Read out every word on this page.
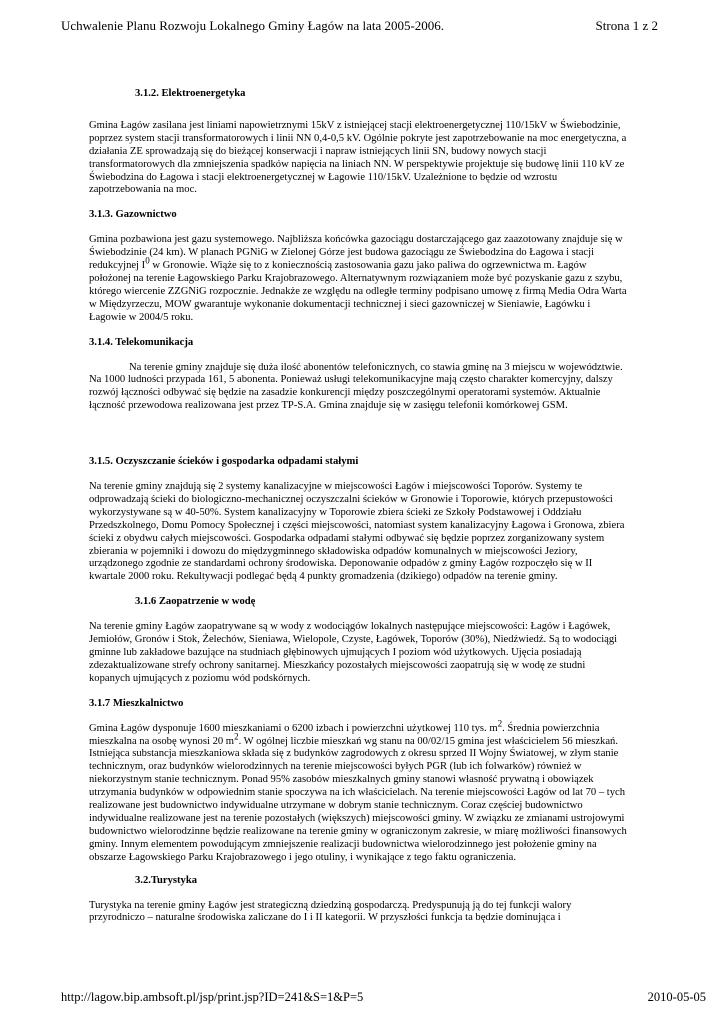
Uchwalenie Planu Rozwoju Lokalnego Gminy Łagów na lata 2005-2006.	Strona 1 z 2
3.1.2. Elektroenergetyka

Gmina Łagów zasilana jest liniami napowietrznymi 15kV z istniejącej stacji elektroenergetycznej 110/15kV w Świebodzinie, poprzez system stacji transformatorowych i linii NN 0,4-0,5 kV. Ogólnie pokryte jest zapotrzebowanie na moc energetyczna, a działania ZE sprowadzają się do bieżącej konserwacji i napraw istniejących linii SN, budowy nowych stacji transformatorowych dla zmniejszenia spadków napięcia na liniach NN. W perspektywie projektuje się budowę linii 110 kV ze Świebodzina do Łagowa i stacji elektroenergetycznej w Łagowie 110/15kV. Uzależnione to będzie od wzrostu zapotrzebowania na moc.

3.1.3. Gazownictwo

Gmina pozbawiona jest gazu systemowego. Najbliższa końcówka gazociągu dostarczającego gaz zaazotowany znajduje się w Świebodzinie (24 km). W planach PGNiG w Zielonej Górze jest budowa gazociągu ze Świebodzina do Łagowa i stacji redukcyjnej $I^0$ w Gronowie. Wiąże się to z koniecznością zastosowania gazu jako paliwa do ogrzewnictwa m. Łagów położonej na terenie Łagowskiego Parku Krajobrazowego. Alternatywnym rozwiązaniem może być pozyskanie gazu z szybu, którego wiercenie ZZGNiG rozpocznie. Jednakże ze względu na odległe terminy podpisano umowę z firmą Media Odra Warta w Międzyrzeczu, MOW gwarantuje wykonanie dokumentacji technicznej i sieci gazowniczej w Sieniawie, Łagówku i Łagowie w 2004/5 roku.

3.1.4. Telekomunikacja

Na terenie gminy znajduje się duża ilość abonentów telefonicznych, co stawia gminę na 3 miejscu w województwie. Na 1000 ludności przypada 161, 5 abonenta. Ponieważ usługi telekomunikacyjne mają często charakter komercyjny, dalszy rozwój łączności odbywać się będzie na zasadzie konkurencji między poszczególnymi operatorami systemów. Aktualnie łączność przewodowa realizowana jest przez TP-S.A. Gmina znajduje się w zasięgu telefonii komórkowej GSM.

3.1.5. Oczyszczanie ścieków i gospodarka odpadami stałymi

Na terenie gminy znajdują się 2 systemy kanalizacyjne w miejscowości Łagów i miejscowości Toporów. Systemy te odprowadzają ścieki do biologiczno-mechanicznej oczyszczalni ścieków w Gronowie i Toporowie, których przepustowości wykorzystywane są w 40-50%. System kanalizacyjny w Toporowie zbiera ścieki ze Szkoły Podstawowej i Oddziału Przedszkolnego, Domu Pomocy Społecznej i części miejscowości, natomiast system kanalizacyjny Łagowa i Gronowa, zbiera ścieki z obydwu całych miejscowości. Gospodarka odpadami stałymi odbywać się będzie poprzez zorganizowany system zbierania w pojemniki i dowozu do międzygminnego składowiska odpadów komunalnych w miejscowości Jeziory, urządzonego zgodnie ze standardami ochrony środowiska. Deponowanie odpadów z gminy Łagów rozpoczęło się w II kwartale 2000 roku. Rekultywacji podlegać będą 4 punkty gromadzenia (dzikiego) odpadów na terenie gminy.

3.1.6 Zaopatrzenie w wodę

Na terenie gminy Łagów zaopatrywane są w wody z wodociągów lokalnych następujące miejscowości: Łagów i Łagówek, Jemiołów, Gronów i Stok, Żelechów, Sieniawa, Wielopole, Czyste, Łagówek, Toporów (30%), Niedźwiedź. Są to wodociągi gminne lub zakładowe bazujące na studniach głębinowych ujmujących I poziom wód użytkowych. Ujęcia posiadają zdezaktualizowane strefy ochrony sanitarnej. Mieszkańcy pozostałych miejscowości zaopatrują się w wodę ze studni kopanych ujmujących z poziomu wód podskórnych.

3.1.7 Mieszkalnictwo

Gmina Łagów dysponuje 1600 mieszkaniami o 6200 izbach i powierzchni użytkowej 110 tys. $m^2$. Średnia powierzchnia mieszkalna na osobę wynosi 20 $m^2$. W ogólnej liczbie mieszkań wg stanu na 00/02/15 gmina jest właścicielem 56 mieszkań. Istniejąca substancja mieszkaniowa składa się z budynków zagrodowych z okresu sprzed II Wojny Światowej, w złym stanie technicznym, oraz budynków wielorodzinnych na terenie miejscowości byłych PGR (lub ich folwarków) również w niekorzystnym stanie technicznym. Ponad 95% zasobów mieszkalnych gminy stanowi własność prywatną i obowiązek utrzymania budynków w odpowiednim stanie spoczywa na ich właścicielach. Na terenie miejscowości Łagów od lat 70 – tych realizowane jest budownictwo indywidualne utrzymane w dobrym stanie technicznym. Coraz częściej budownictwo indywidualne realizowane jest na terenie pozostałych (większych) miejscowości gminy. W związku ze zmianami ustrojowymi budownictwo wielorodzinne będzie realizowane na terenie gminy w ograniczonym zakresie, w miarę możliwości finansowych gminy. Innym elementem powodującym zmniejszenie realizacji budownictwa wielorodzinnego jest położenie gminy na obszarze Łagowskiego Parku Krajobrazowego i jego otuliny, i wynikające z tego faktu ograniczenia.

3.2.Turystyka

Turystyka na terenie gminy Łagów jest strategiczną dziedziną gospodarczą. Predyspunują ją do tej funkcji walory przyrodniczo – naturalne środowiska zaliczane do I i II kategorii. W przyszłości funkcja ta będzie dominująca i

http://lagow.bip.ambsoft.pl/jsp/print.jsp?ID=241&S=1&P=5	2010-05-05
